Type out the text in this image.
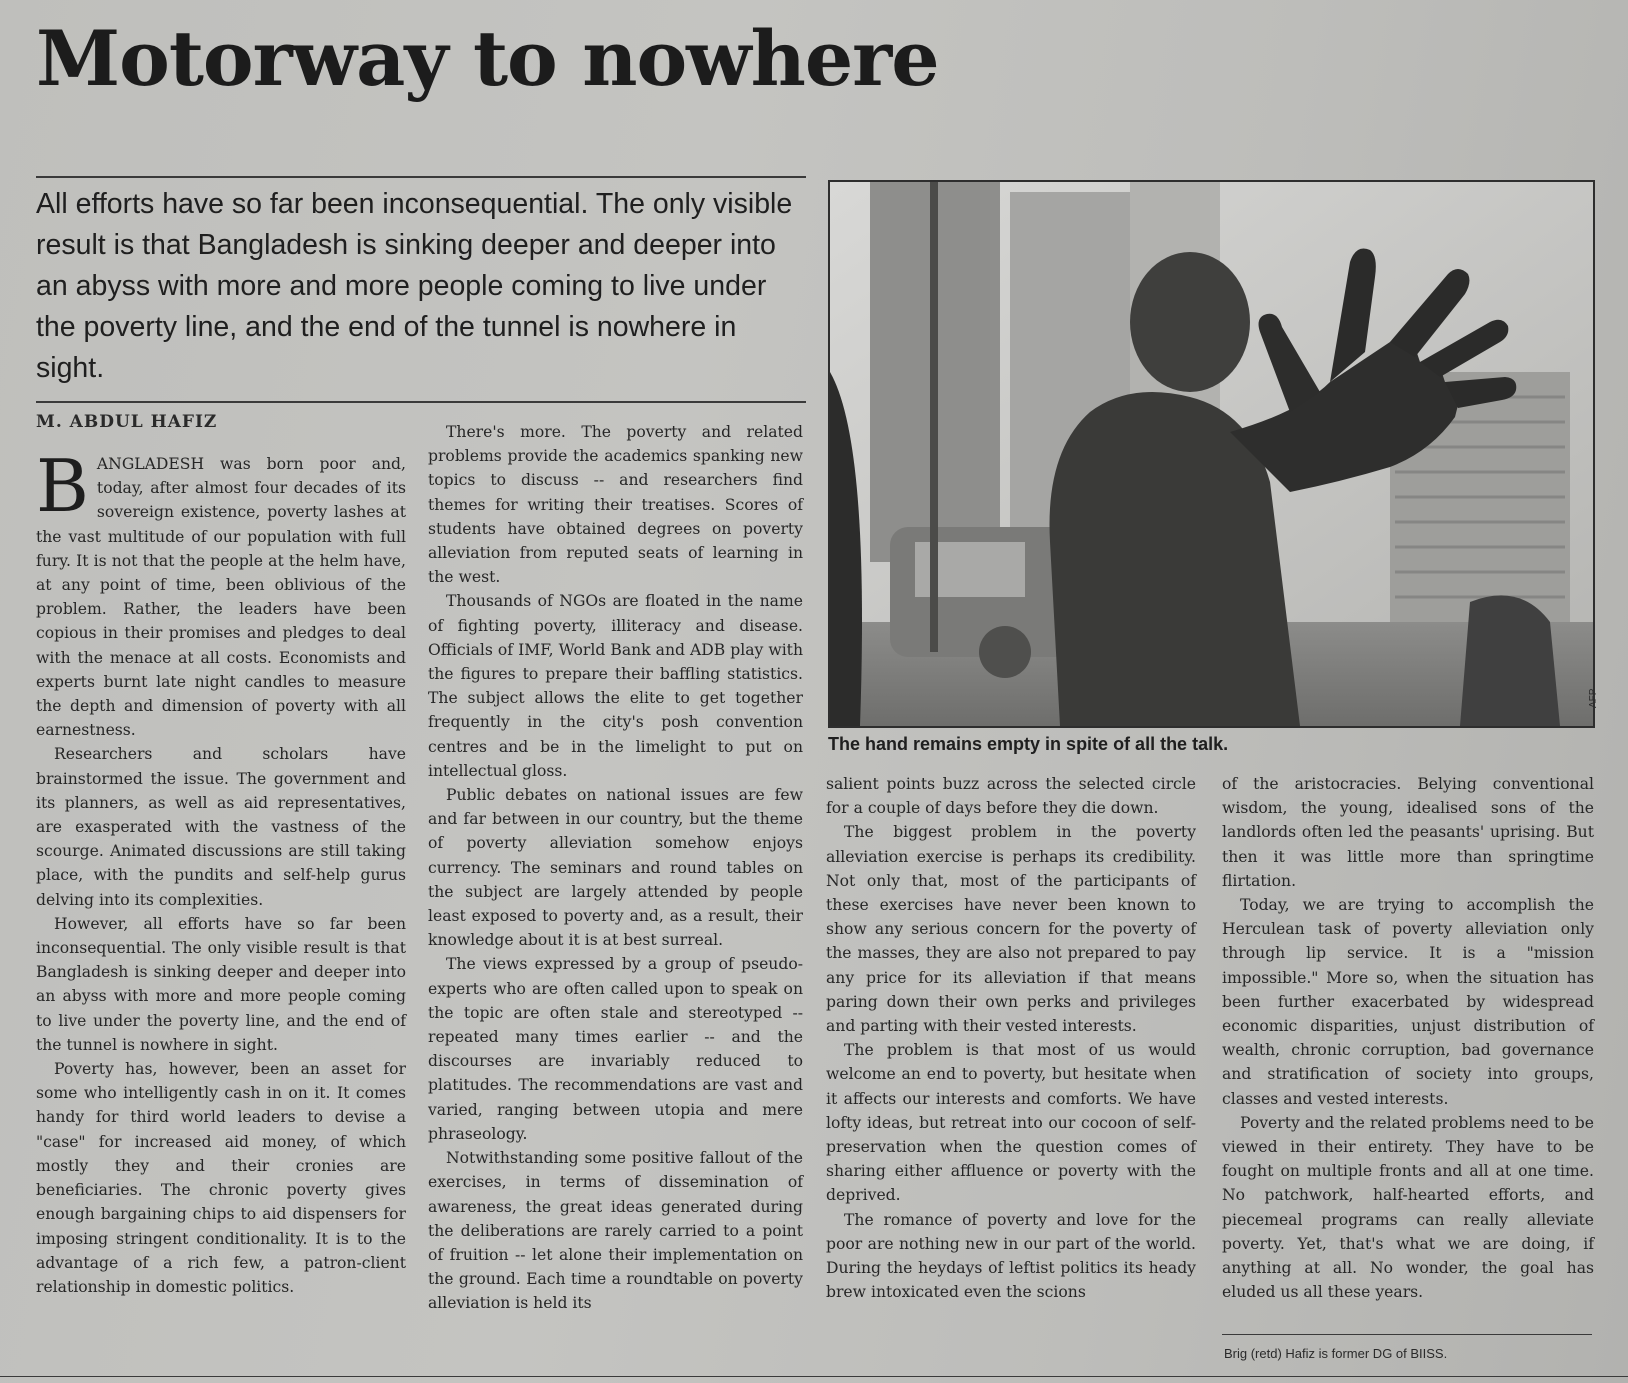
Motorway to nowhere

All efforts have so far been inconsequential. The only visible result is that Bangladesh is sinking deeper and deeper into an abyss with more and more people coming to live under the poverty line, and the end of the tunnel is nowhere in sight.

M. ABDUL HAFIZ

BANGLADESH was born poor and, today, after almost four decades of its sovereign existence, poverty lashes at the vast multitude of our population with full fury. It is not that the people at the helm have, at any point of time, been oblivious of the problem. Rather, the leaders have been copious in their promises and pledges to deal with the menace at all costs. Economists and experts burnt late night candles to measure the depth and dimension of poverty with all earnestness.

Researchers and scholars have brainstormed the issue. The government and its planners, as well as aid representatives, are exasperated with the vastness of the scourge. Animated discussions are still taking place, with the pundits and self-help gurus delving into its complexities.

However, all efforts have so far been inconsequential. The only visible result is that Bangladesh is sinking deeper and deeper into an abyss with more and more people coming to live under the poverty line, and the end of the tunnel is nowhere in sight.

Poverty has, however, been an asset for some who intelligently cash in on it. It comes handy for third world leaders to devise a "case" for increased aid money, of which mostly they and their cronies are beneficiaries. The chronic poverty gives enough bargaining chips to aid dispensers for imposing stringent conditionality. It is to the advantage of a rich few, a patron-client relationship in domestic politics.

There's more. The poverty and related problems provide the academics spanking new topics to discuss -- and researchers find themes for writing their treatises. Scores of students have obtained degrees on poverty alleviation from reputed seats of learning in the west.

Thousands of NGOs are floated in the name of fighting poverty, illiteracy and disease. Officials of IMF, World Bank and ADB play with the figures to prepare their baffling statistics. The subject allows the elite to get together frequently in the city's posh convention centres and be in the limelight to put on intellectual gloss.

Public debates on national issues are few and far between in our country, but the theme of poverty alleviation somehow enjoys currency. The seminars and round tables on the subject are largely attended by people least exposed to poverty and, as a result, their knowledge about it is at best surreal.

The views expressed by a group of pseudo-experts who are often called upon to speak on the topic are often stale and stereotyped -- repeated many times earlier -- and the discourses are invariably reduced to platitudes. The recommendations are vast and varied, ranging between utopia and mere phraseology.

Notwithstanding some positive fallout of the exercises, in terms of dissemination of awareness, the great ideas generated during the deliberations are rarely carried to a point of fruition -- let alone their implementation on the ground. Each time a roundtable on poverty alleviation is held its

AFP

The hand remains empty in spite of all the talk.

salient points buzz across the selected circle for a couple of days before they die down.

The biggest problem in the poverty alleviation exercise is perhaps its credibility. Not only that, most of the participants of these exercises have never been known to show any serious concern for the poverty of the masses, they are also not prepared to pay any price for its alleviation if that means paring down their own perks and privileges and parting with their vested interests.

The problem is that most of us would welcome an end to poverty, but hesitate when it affects our interests and comforts. We have lofty ideas, but retreat into our cocoon of self-preservation when the question comes of sharing either affluence or poverty with the deprived.

The romance of poverty and love for the poor are nothing new in our part of the world. During the heydays of leftist politics its heady brew intoxicated even the scions

of the aristocracies. Belying conventional wisdom, the young, idealised sons of the landlords often led the peasants' uprising. But then it was little more than springtime flirtation.

Today, we are trying to accomplish the Herculean task of poverty alleviation only through lip service. It is a "mission impossible." More so, when the situation has been further exacerbated by widespread economic disparities, unjust distribution of wealth, chronic corruption, bad governance and stratification of society into groups, classes and vested interests.

Poverty and the related problems need to be viewed in their entirety. They have to be fought on multiple fronts and all at one time. No patchwork, half-hearted efforts, and piecemeal programs can really alleviate poverty. Yet, that's what we are doing, if anything at all. No wonder, the goal has eluded us all these years.

Brig (retd) Hafiz is former DG of BIISS.
